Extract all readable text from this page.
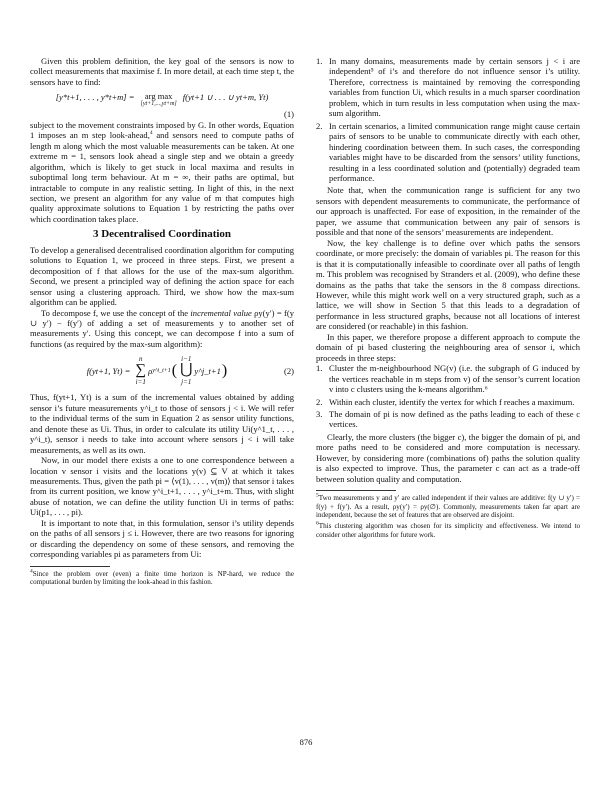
Given this problem definition, the key goal of the sensors is now to collect measurements that maximise f. In more detail, at each time step t, the sensors have to find:

[y*t+1, . . . , y*t+m] = arg max
[yt+1,...,yt+m]
f(yt+1 ∪ . . . ∪ yt+m, Yt)
(1)

subject to the movement constraints imposed by G. In other words, Equation 1 imposes an m step look-ahead,$^4$ and sensors need to compute paths of length m along which the most valuable measurements can be taken. At one extreme m = 1, sensors look ahead a single step and we obtain a greedy algorithm, which is likely to get stuck in local maxima and results in suboptimal long term behaviour. At m = ∞, their paths are optimal, but intractable to compute in any realistic setting. In light of this, in the next section, we present an algorithm for any value of m that computes high quality approximate solutions to Equation 1 by restricting the paths over which coordination takes place.

3 Decentralised Coordination

To develop a generalised decentralised coordination algorithm for computing solutions to Equation 1, we proceed in three steps. First, we present a decomposition of f that allows for the use of the max-sum algorithm. Second, we present a principled way of defining the action space for each sensor using a clustering approach. Third, we show how the max-sum algorithm can be applied.

To decompose f, we use the concept of the incremental value ρy(y′) = f(y ∪ y′) − f(y′) of adding a set of measurements y to another set of measurements y′. Using this concept, we can decompose f into a sum of functions (as required by the max-sum algorithm):

f(yt+1, Yt) =
n
∑
i=1
ρ y^i_t+1 (
i−1
⋃
j=1
y^j_t+1 )	(2)

Thus, f(yt+1, Yt) is a sum of the incremental values obtained by adding sensor i’s future measurements y^i_t to those of sensors j < i. We will refer to the individual terms of the sum in Equation 2 as sensor utility functions, and denote these as Ui. Thus, in order to calculate its utility Ui(y^1_t, . . . , y^i_t), sensor i needs to take into account where sensors j < i will take measurements, as well as its own.

Now, in our model there exists a one to one correspondence between a location v sensor i visits and the locations y(v) ⊆ V at which it takes measurements. Thus, given the path pi = ⟨v(1), . . . , v(m)⟩ that sensor i takes from its current position, we know y^i_t+1, . . . , y^i_t+m. Thus, with slight abuse of notation, we can define the utility function Ui in terms of paths: Ui(p1, . . . , pi).

It is important to note that, in this formulation, sensor i’s utility depends on the paths of all sensors j ≤ i. However, there are two reasons for ignoring or discarding the dependency on some of these sensors, and removing the corresponding variables pi as parameters from Ui:

$^4$Since the problem over (even) a finite time horizon is NP-hard, we reduce the computational burden by limiting the look-ahead in this fashion.
1. In many domains, measurements made by certain sensors j < i are independent⁵ of i’s and therefore do not influence sensor i’s utility. Therefore, correctness is maintained by removing the corresponding variables from function Ui, which results in a much sparser coordination problem, which in turn results in less computation when using the max-sum algorithm.
2. In certain scenarios, a limited communication range might cause certain pairs of sensors to be unable to communicate directly with each other, hindering coordination between them. In such cases, the corresponding variables might have to be discarded from the sensors’ utility functions, resulting in a less coordinated solution and (potentially) degraded team performance.

Note that, when the communication range is sufficient for any two sensors with dependent measurements to communicate, the performance of our approach is unaffected. For ease of exposition, in the remainder of the paper, we assume that communication between any pair of sensors is possible and that none of the sensors’ measurements are independent.

Now, the key challenge is to define over which paths the sensors coordinate, or more precisely: the domain of variables pi. The reason for this is that it is computationally infeasible to coordinate over all paths of length m. This problem was recognised by Stranders et al. (2009), who define these domains as the paths that take the sensors in the 8 compass directions. However, while this might work well on a very structured graph, such as a lattice, we will show in Section 5 that this leads to a degradation of performance in less structured graphs, because not all locations of interest are considered (or reachable) in this fashion.

In this paper, we therefore propose a different approach to compute the domain of pi based clustering the neighbouring area of sensor i, which proceeds in three steps:

1. Cluster the m-neighbourhood NG(v) (i.e. the subgraph of G induced by the vertices reachable in m steps from v) of the sensor’s current location v into c clusters using the k-means algorithm.⁶
2. Within each cluster, identify the vertex for which f reaches a maximum.
3. The domain of pi is now defined as the paths leading to each of these c vertices.

Clearly, the more clusters (the bigger c), the bigger the domain of pi, and more paths need to be considered and more computation is necessary. However, by considering more (combinations of) paths the solution quality is also expected to improve. Thus, the parameter c can act as a trade-off between solution quality and computation.

$^5$Two measurements y and y′ are called independent if their values are additive: f(y ∪ y′) = f(y) + f(y′). As a result, ρy(y′) = ρy(∅). Commonly, measurements taken far apart are independent, because the set of features that are observed are disjoint.
$^6$This clustering algorithm was chosen for its simplicity and effectiveness. We intend to consider other algorithms for future work.
876
